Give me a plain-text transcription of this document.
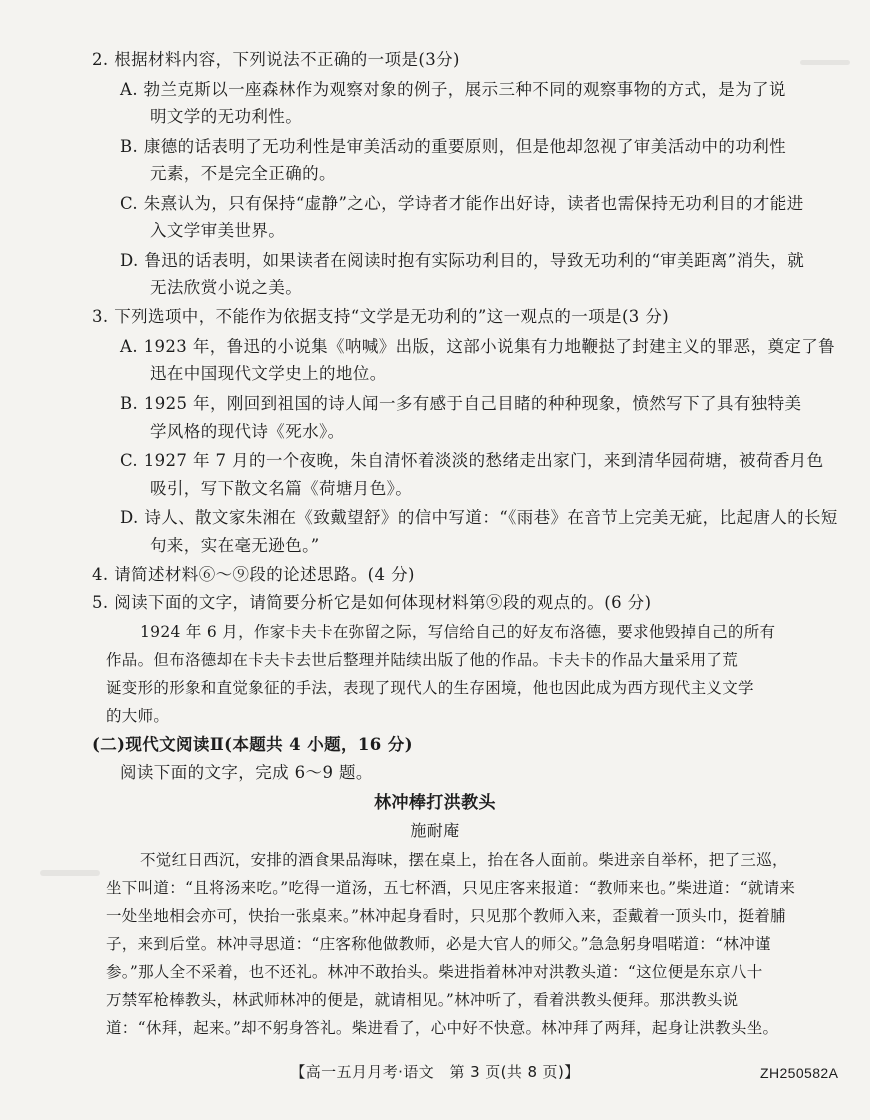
2. 根据材料内容，下列说法不正确的一项是(3分)
A. 勃兰克斯以一座森林作为观察对象的例子，展示三种不同的观察事物的方式，是为了说
明文学的无功利性。
B. 康德的话表明了无功利性是审美活动的重要原则，但是他却忽视了审美活动中的功利性
元素，不是完全正确的。
C. 朱熹认为，只有保持“虚静”之心，学诗者才能作出好诗，读者也需保持无功利目的才能进
入文学审美世界。
D. 鲁迅的话表明，如果读者在阅读时抱有实际功利目的，导致无功利的“审美距离”消失，就
无法欣赏小说之美。
3. 下列选项中，不能作为依据支持“文学是无功利的”这一观点的一项是(3 分)
A. 1923 年，鲁迅的小说集《呐喊》出版，这部小说集有力地鞭挞了封建主义的罪恶，奠定了鲁
迅在中国现代文学史上的地位。
B. 1925 年，刚回到祖国的诗人闻一多有感于自己目睹的种种现象，愤然写下了具有独特美
学风格的现代诗《死水》。
C. 1927 年 7 月的一个夜晚，朱自清怀着淡淡的愁绪走出家门，来到清华园荷塘，被荷香月色
吸引，写下散文名篇《荷塘月色》。
D. 诗人、散文家朱湘在《致戴望舒》的信中写道：“《雨巷》在音节上完美无疵，比起唐人的长短
句来，实在毫无逊色。”
4. 请简述材料⑥～⑨段的论述思路。(4 分)
5. 阅读下面的文字，请简要分析它是如何体现材料第⑨段的观点的。(6 分)
1924 年 6 月，作家卡夫卡在弥留之际，写信给自己的好友布洛德，要求他毁掉自己的所有
作品。但布洛德却在卡夫卡去世后整理并陆续出版了他的作品。卡夫卡的作品大量采用了荒
诞变形的形象和直觉象征的手法，表现了现代人的生存困境，他也因此成为西方现代主义文学
的大师。
(二)现代文阅读Ⅱ(本题共 4 小题，16 分)
阅读下面的文字，完成 6～9 题。
林冲棒打洪教头
施耐庵
不觉红日西沉，安排的酒食果品海味，摆在桌上，抬在各人面前。柴进亲自举杯，把了三巡，
坐下叫道：“且将汤来吃。”吃得一道汤，五七杯酒，只见庄客来报道：“教师来也。”柴进道：“就请来
一处坐地相会亦可，快抬一张桌来。”林冲起身看时，只见那个教师入来，歪戴着一顶头巾，挺着脯
子，来到后堂。林冲寻思道：“庄客称他做教师，必是大官人的师父。”急急躬身唱喏道：“林冲谨
参。”那人全不采着，也不还礼。林冲不敢抬头。柴进指着林冲对洪教头道：“这位便是东京八十
万禁军枪棒教头，林武师林冲的便是，就请相见。”林冲听了，看着洪教头便拜。那洪教头说
道：“休拜，起来。”却不躬身答礼。柴进看了，心中好不快意。林冲拜了两拜，起身让洪教头坐。
【高一五月月考·语文　第 3 页(共 8 页)】	ZH250582A
